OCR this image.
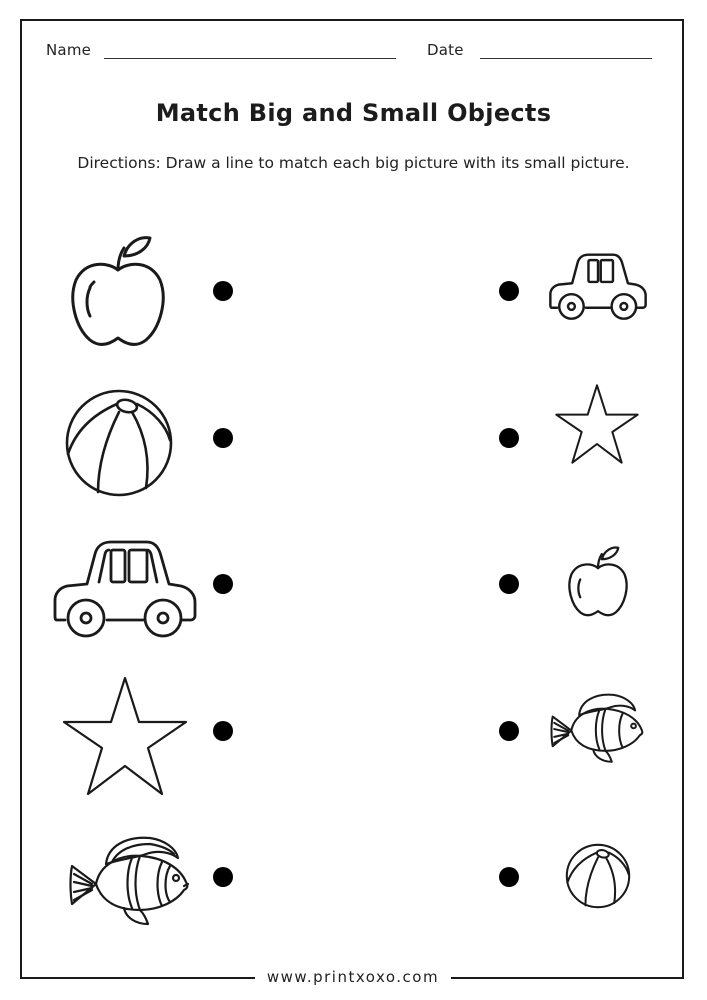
Name	Date
Match Big and Small Objects
Directions: Draw a line to match each big picture with its small picture.
www.printxoxo.com
